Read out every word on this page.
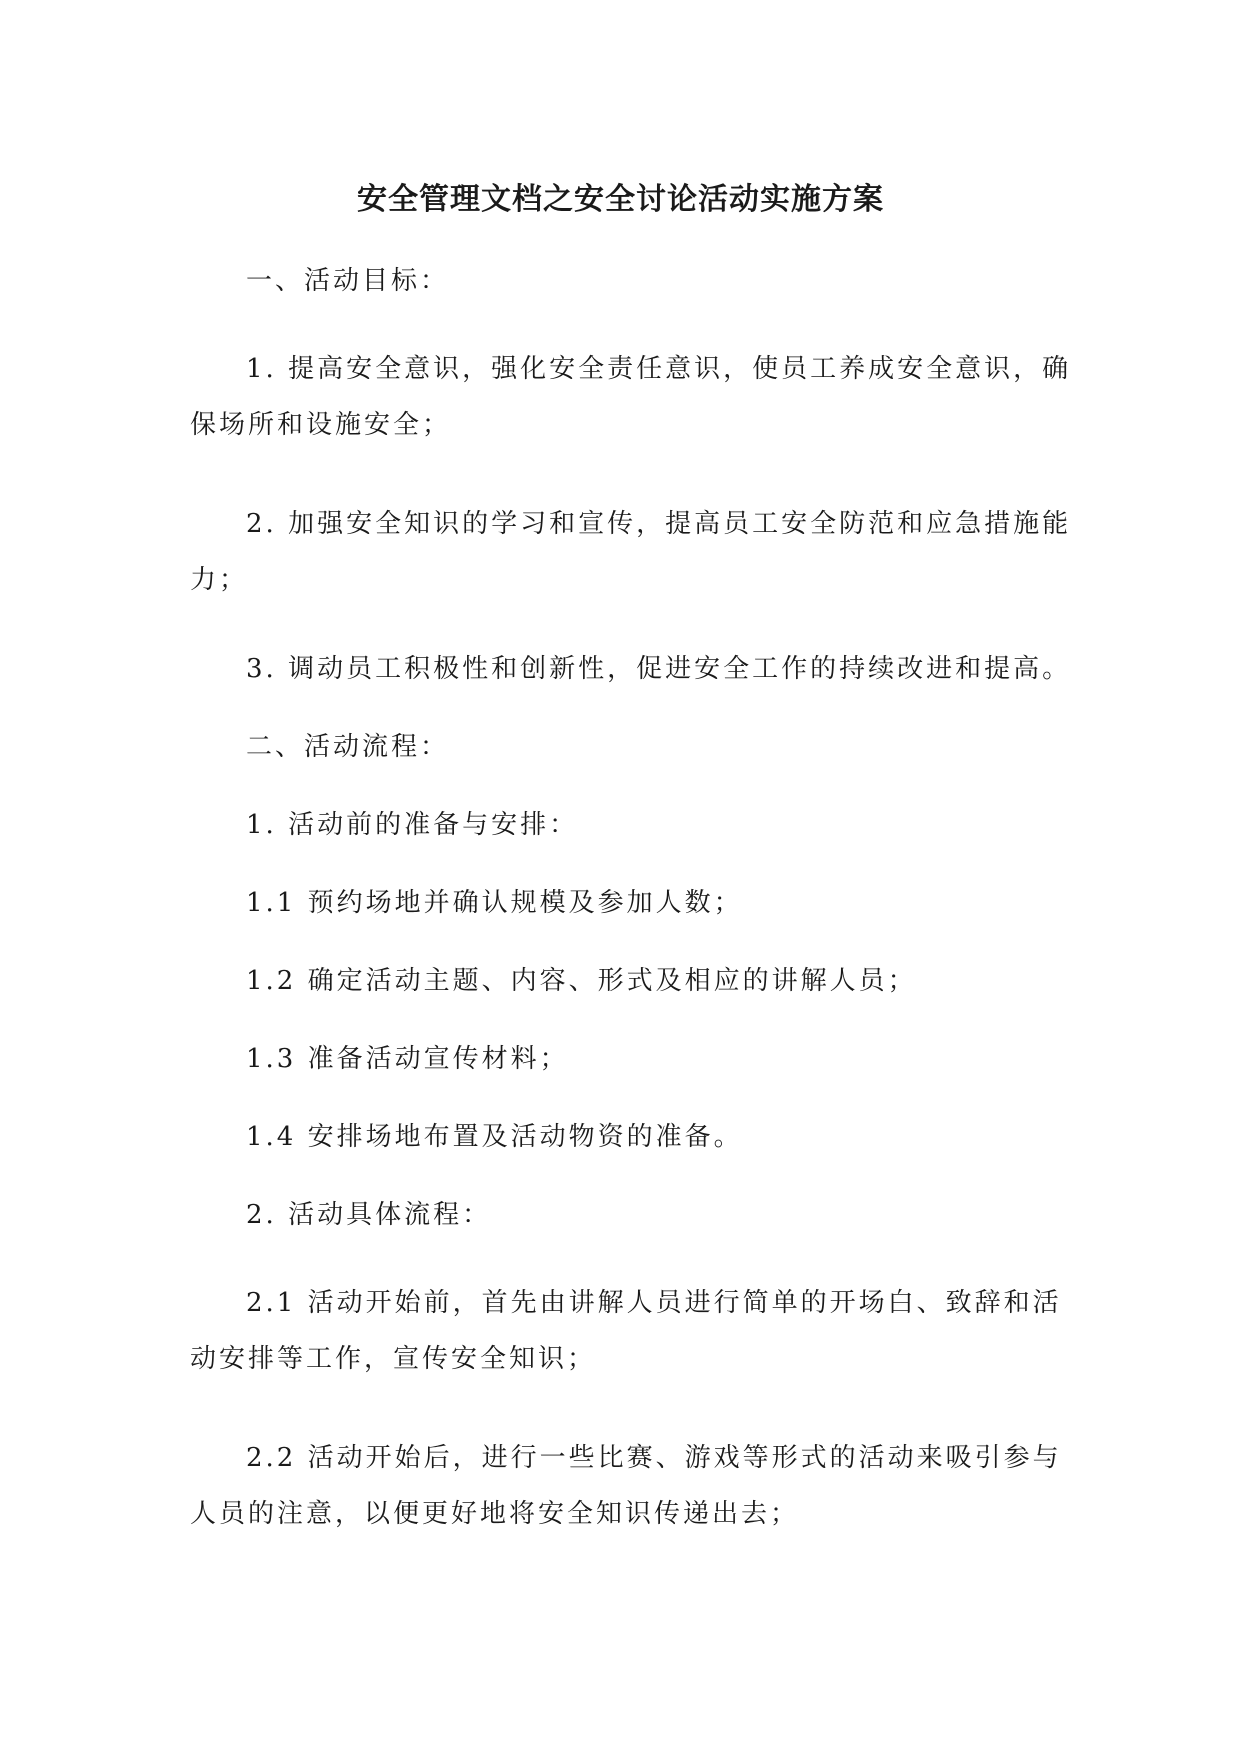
安全管理文档之安全讨论活动实施方案

一、活动目标：

1. 提高安全意识，强化安全责任意识，使员工养成安全意识，确保场所和设施安全；

2. 加强安全知识的学习和宣传，提高员工安全防范和应急措施能力；

3. 调动员工积极性和创新性，促进安全工作的持续改进和提高。

二、活动流程：

1. 活动前的准备与安排：

1.1 预约场地并确认规模及参加人数；

1.2 确定活动主题、内容、形式及相应的讲解人员；

1.3 准备活动宣传材料；

1.4 安排场地布置及活动物资的准备。

2. 活动具体流程：

2.1 活动开始前，首先由讲解人员进行简单的开场白、致辞和活动安排等工作，宣传安全知识；

2.2 活动开始后，进行一些比赛、游戏等形式的活动来吸引参与人员的注意，以便更好地将安全知识传递出去；
